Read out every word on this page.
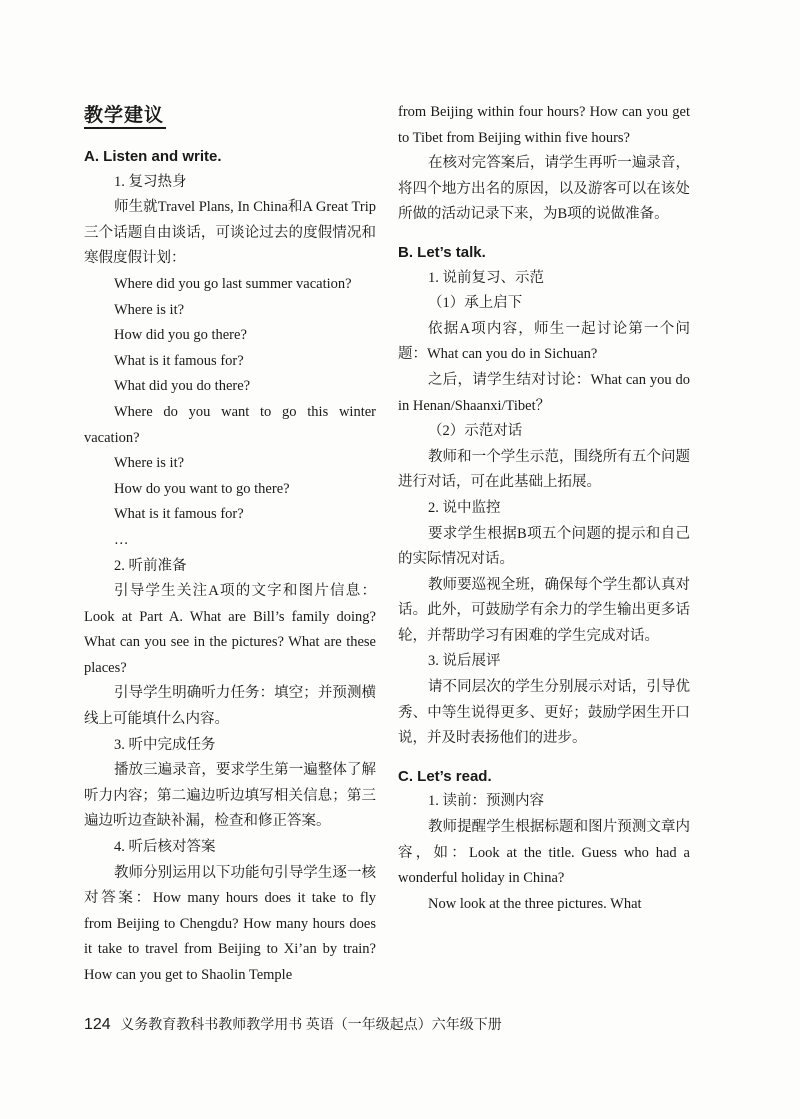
教学建议

A. Listen and write.

1. 复习热身

师生就Travel Plans, In China和A Great Trip三个话题自由谈话，可谈论过去的度假情况和寒假度假计划：

Where did you go last summer vacation?

Where is it?

How did you go there?

What is it famous for?

What did you do there?

Where do you want to go this winter vacation?

Where is it?

How do you want to go there?

What is it famous for?

…

2. 听前准备

引导学生关注A项的文字和图片信息：Look at Part A. What are Bill’s family doing? What can you see in the pictures? What are these places?

引导学生明确听力任务：填空；并预测横线上可能填什么内容。

3. 听中完成任务

播放三遍录音，要求学生第一遍整体了解听力内容；第二遍边听边填写相关信息；第三遍边听边查缺补漏，检查和修正答案。

4. 听后核对答案

教师分别运用以下功能句引导学生逐一核对答案：How many hours does it take to fly from Beijing to Chengdu? How many hours does it take to travel from Beijing to Xi’an by train? How can you get to Shaolin Temple

from Beijing within four hours? How can you get to Tibet from Beijing within five hours?

在核对完答案后，请学生再听一遍录音，将四个地方出名的原因，以及游客可以在该处所做的活动记录下来，为B项的说做准备。

B. Let’s talk.

1. 说前复习、示范

（1）承上启下

依据A项内容，师生一起讨论第一个问题：What can you do in Sichuan?

之后，请学生结对讨论：What can you do in Henan/Shaanxi/Tibet？

（2）示范对话

教师和一个学生示范，围绕所有五个问题进行对话，可在此基础上拓展。

2. 说中监控

要求学生根据B项五个问题的提示和自己的实际情况对话。

教师要巡视全班，确保每个学生都认真对话。此外，可鼓励学有余力的学生输出更多话轮，并帮助学习有困难的学生完成对话。

3. 说后展评

请不同层次的学生分别展示对话，引导优秀、中等生说得更多、更好；鼓励学困生开口说，并及时表扬他们的进步。

C. Let’s read.

1. 读前：预测内容

教师提醒学生根据标题和图片预测文章内容，如：Look at the title. Guess who had a wonderful holiday in China?

Now look at the three pictures. What

124 义务教育教科书教师教学用书 英语（一年级起点）六年级下册
